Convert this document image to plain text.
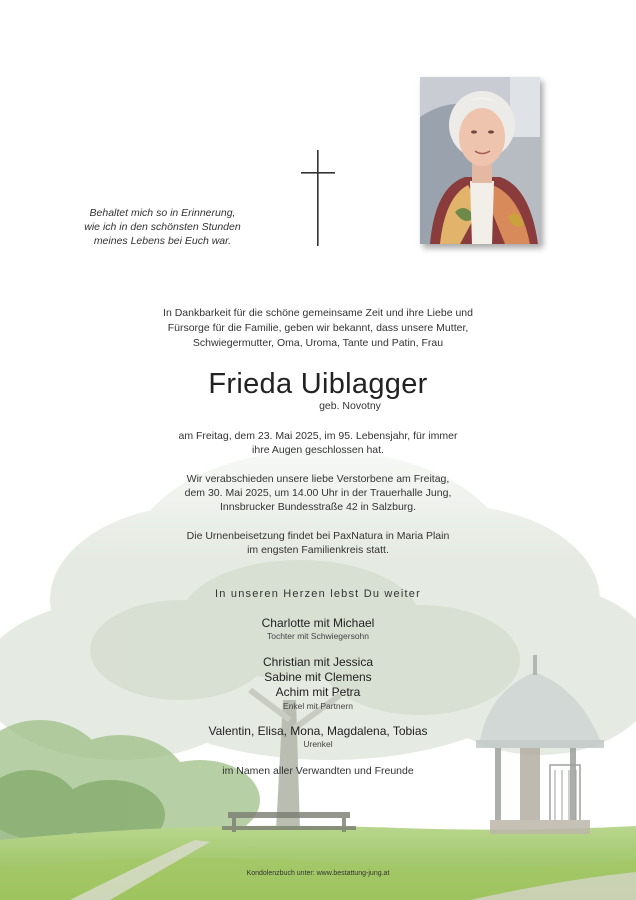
Behaltet mich so in Erinnerung,
wie ich in den schönsten Stunden
meines Lebens bei Euch war.
In Dankbarkeit für die schöne gemeinsame Zeit und ihre Liebe und
Fürsorge für die Familie, geben wir bekannt, dass unsere Mutter,
Schwiegermutter, Oma, Uroma, Tante und Patin, Frau
Frieda Uiblagger
geb. Novotny
am Freitag, dem 23. Mai 2025, im 95. Lebensjahr, für immer
ihre Augen geschlossen hat.
Wir verabschieden unsere liebe Verstorbene am Freitag,
dem 30. Mai 2025, um 14.00 Uhr in der Trauerhalle Jung,
Innsbrucker Bundesstraße 42 in Salzburg.
Die Urnenbeisetzung findet bei PaxNatura in Maria Plain
im engsten Familienkreis statt.
In unseren Herzen lebst Du weiter
Charlotte mit Michael
Tochter mit Schwiegersohn
Christian mit Jessica
Sabine mit Clemens
Achim mit Petra
Enkel mit Partnern
Valentin, Elisa, Mona, Magdalena, Tobias
Urenkel
im Namen aller Verwandten und Freunde
Kondolenzbuch unter: www.bestattung-jung.at
